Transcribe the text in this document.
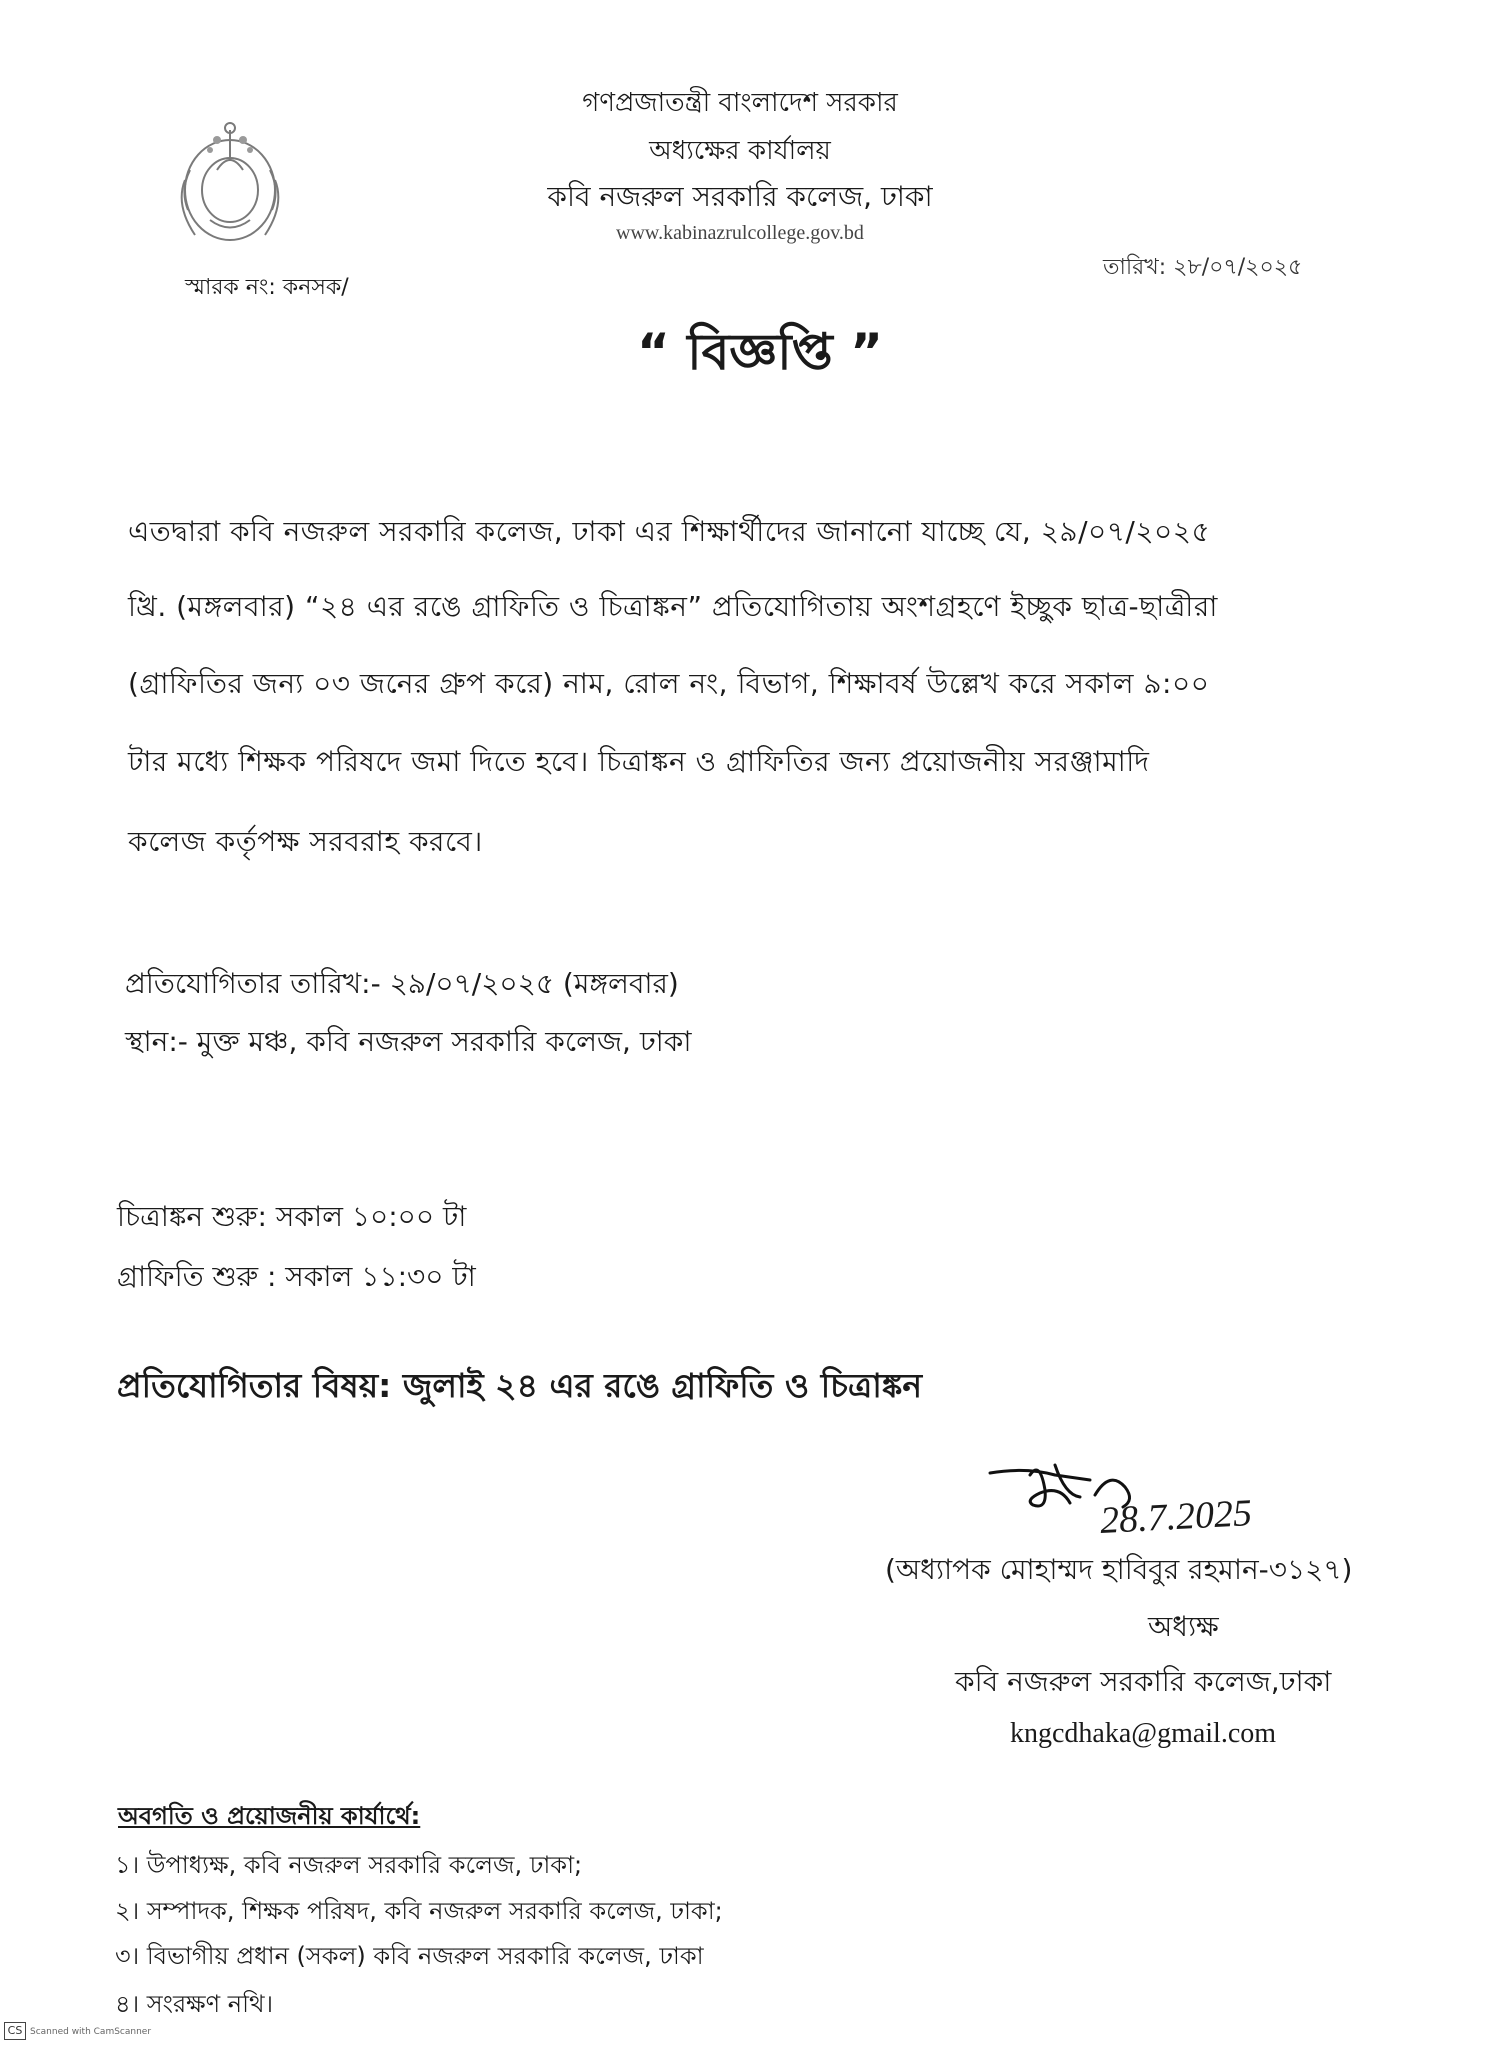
গণপ্রজাতন্ত্রী বাংলাদেশ সরকার
অধ্যক্ষের কার্যালয়
কবি নজরুল সরকারি কলেজ, ঢাকা
www.kabinazrulcollege.gov.bd
স্মারক নং: কনসক/
তারিখ: ২৮/০৭/২০২৫
“ বিজ্ঞপ্তি ”
এতদ্বারা কবি নজরুল সরকারি কলেজ, ঢাকা এর শিক্ষার্থীদের জানানো যাচ্ছে যে, ২৯/০৭/২০২৫
খ্রি. (মঙ্গলবার) “২৪ এর রঙে গ্রাফিতি ও চিত্রাঙ্কন” প্রতিযোগিতায় অংশগ্রহণে ইচ্ছুক ছাত্র-ছাত্রীরা
(গ্রাফিতির জন্য ০৩ জনের গ্রুপ করে) নাম, রোল নং, বিভাগ, শিক্ষাবর্ষ উল্লেখ করে সকাল ৯:০০
টার মধ্যে শিক্ষক পরিষদে জমা দিতে হবে। চিত্রাঙ্কন ও গ্রাফিতির জন্য প্রয়োজনীয় সরঞ্জামাদি
কলেজ কর্তৃপক্ষ সরবরাহ করবে।
প্রতিযোগিতার তারিখ:- ২৯/০৭/২০২৫ (মঙ্গলবার)
স্থান:- মুক্ত মঞ্চ, কবি নজরুল সরকারি কলেজ, ঢাকা
চিত্রাঙ্কন শুরু: সকাল ১০:০০ টা
গ্রাফিতি শুরু : সকাল ১১:৩০ টা
প্রতিযোগিতার বিষয়: জুলাই ২৪ এর রঙে গ্রাফিতি ও চিত্রাঙ্কন
28.7.2025
(অধ্যাপক মোহাম্মদ হাবিবুর রহমান-৩১২৭)
অধ্যক্ষ
কবি নজরুল সরকারি কলেজ,ঢাকা
kngcdhaka@gmail.com
অবগতি ও প্রয়োজনীয় কার্যার্থে:
১। উপাধ্যক্ষ, কবি নজরুল সরকারি কলেজ, ঢাকা;
২। সম্পাদক, শিক্ষক পরিষদ, কবি নজরুল সরকারি কলেজ, ঢাকা;
৩। বিভাগীয় প্রধান (সকল) কবি নজরুল সরকারি কলেজ, ঢাকা
৪। সংরক্ষণ নথি।
CS Scanned with CamScanner
